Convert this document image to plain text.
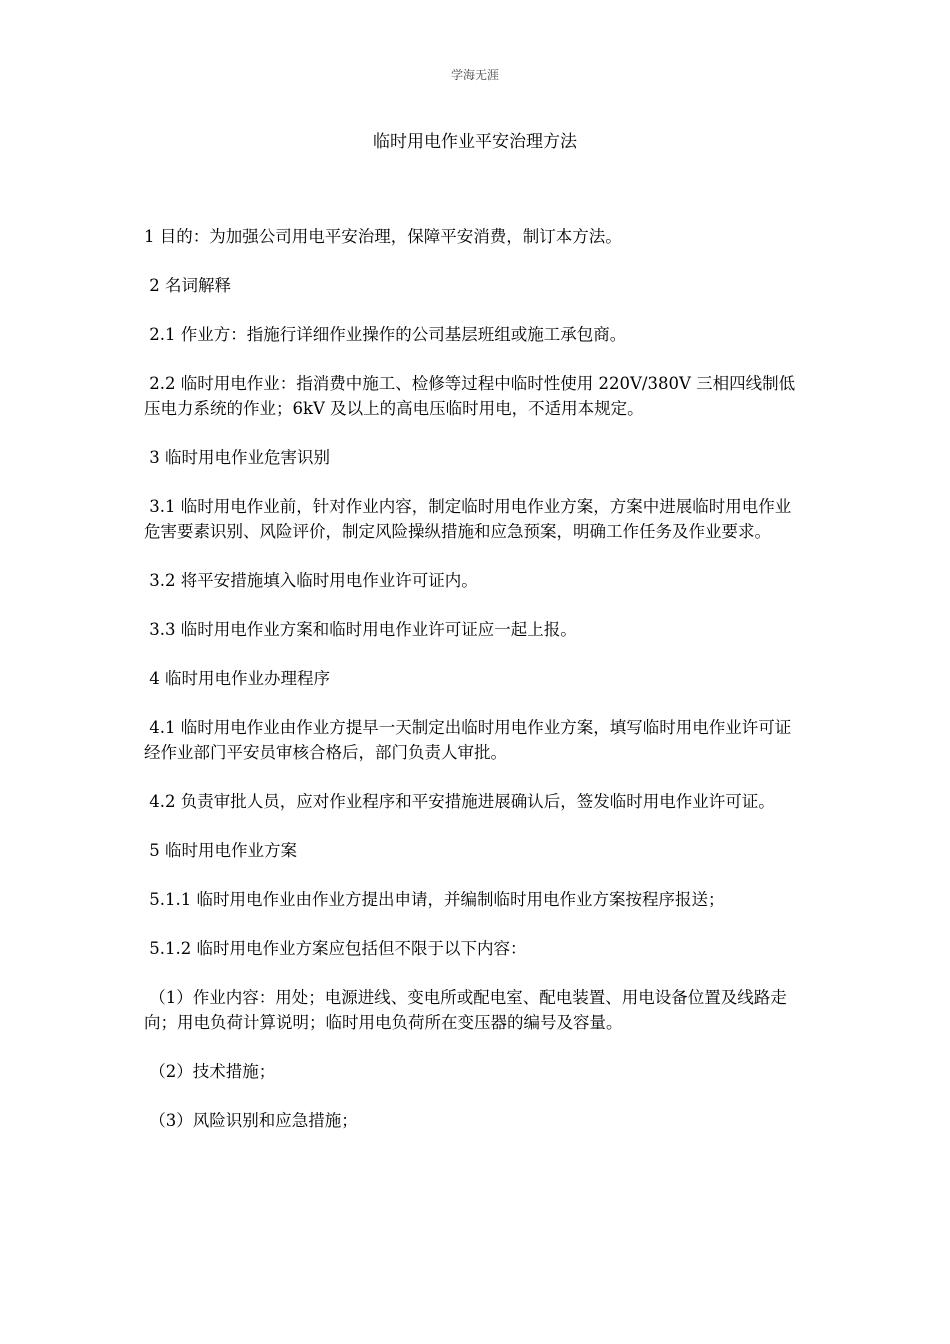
学海无涯
临时用电作业平安治理方法

1 目的：为加强公司用电平安治理，保障平安消费，制订本方法。

2 名词解释

2.1 作业方：指施行详细作业操作的公司基层班组或施工承包商。

2.2 临时用电作业：指消费中施工、检修等过程中临时性使用 220V/380V 三相四线制低压电力系统的作业；6kV 及以上的高电压临时用电，不适用本规定。

3 临时用电作业危害识别

3.1 临时用电作业前，针对作业内容，制定临时用电作业方案，方案中进展临时用电作业危害要素识别、风险评价，制定风险操纵措施和应急预案，明确工作任务及作业要求。

3.2 将平安措施填入临时用电作业许可证内。

3.3 临时用电作业方案和临时用电作业许可证应一起上报。

4 临时用电作业办理程序

4.1 临时用电作业由作业方提早一天制定出临时用电作业方案，填写临时用电作业许可证经作业部门平安员审核合格后，部门负责人审批。

4.2 负责审批人员，应对作业程序和平安措施进展确认后，签发临时用电作业许可证。

5 临时用电作业方案

5.1.1 临时用电作业由作业方提出申请，并编制临时用电作业方案按程序报送；

5.1.2 临时用电作业方案应包括但不限于以下内容：

（1）作业内容：用处；电源进线、变电所或配电室、配电装置、用电设备位置及线路走向；用电负荷计算说明；临时用电负荷所在变压器的编号及容量。

（2）技术措施；

（3）风险识别和应急措施；
